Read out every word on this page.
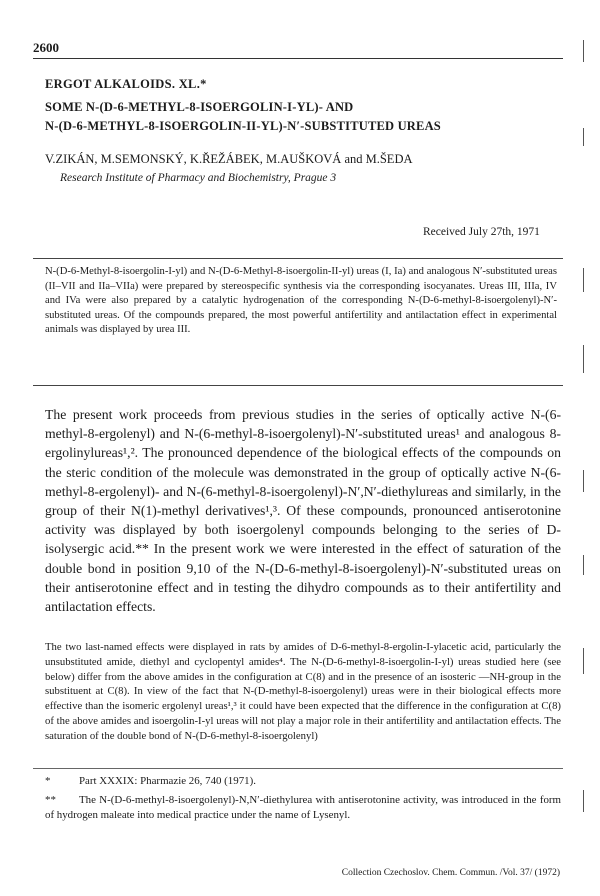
2600
ERGOT ALKALOIDS. XL.*
SOME N-(D-6-METHYL-8-ISOERGOLIN-I-YL)- AND
N-(D-6-METHYL-8-ISOERGOLIN-II-YL)-N′-SUBSTITUTED UREAS
V.ZIKÁN, M.SEMONSKÝ, K.ŘEŽÁBEK, M.AUŠKOVÁ and M.ŠEDA
Research Institute of Pharmacy and Biochemistry, Prague 3
Received July 27th, 1971
N-(D-6-Methyl-8-isoergolin-I-yl) and N-(D-6-Methyl-8-isoergolin-II-yl) ureas (I, Ia) and analogous N′-substituted ureas (II–VII and IIa–VIIa) were prepared by stereospecific synthesis via the corresponding isocyanates. Ureas III, IIIa, IV and IVa were also prepared by a catalytic hydrogenation of the corresponding N-(D-6-methyl-8-isoergolenyl)-N′-substituted ureas. Of the compounds prepared, the most powerful antifertility and antilactation effect in experimental animals was displayed by urea III.
The present work proceeds from previous studies in the series of optically active N-(6-methyl-8-ergolenyl) and N-(6-methyl-8-isoergolenyl)-N′-substituted ureas¹ and analogous 8-ergolinylureas¹,². The pronounced dependence of the biological effects of the compounds on the steric condition of the molecule was demonstrated in the group of optically active N-(6-methyl-8-ergolenyl)- and N-(6-methyl-8-isoergolenyl)-N′,N′-diethylureas and similarly, in the group of their N(1)-methyl derivatives¹,³. Of these compounds, pronounced antiserotonine activity was displayed by both isoergolenyl compounds belonging to the series of D-isolysergic acid.** In the present work we were interested in the effect of saturation of the double bond in position 9,10 of the N-(D-6-methyl-8-isoergolenyl)-N′-substituted ureas on their antiserotonine effect and in testing the dihydro compounds as to their antifertility and antilactation effects.
The two last-named effects were displayed in rats by amides of D-6-methyl-8-ergolin-I-ylacetic acid, particularly the unsubstituted amide, diethyl and cyclopentyl amides⁴. The N-(D-6-methyl-8-isoergolin-I-yl) ureas studied here (see below) differ from the above amides in the configuration at C(8) and in the presence of an isosteric —NH-group in the substituent at C(8). In view of the fact that N-(D-methyl-8-isoergolenyl) ureas were in their biological effects more effective than the isomeric ergolenyl ureas¹,³ it could have been expected that the difference in the configuration at C(8) of the above amides and isoergolin-I-yl ureas will not play a major role in their antifertility and antilactation effects. The saturation of the double bond of N-(D-6-methyl-8-isoergolenyl)
*	Part XXXIX: Pharmazie 26, 740 (1971).
** The N-(D-6-methyl-8-isoergolenyl)-N,N′-diethylurea with antiserotonine activity, was introduced in the form of hydrogen maleate into medical practice under the name of Lysenyl.
Collection Czechoslov. Chem. Commun. /Vol. 37/ (1972)
